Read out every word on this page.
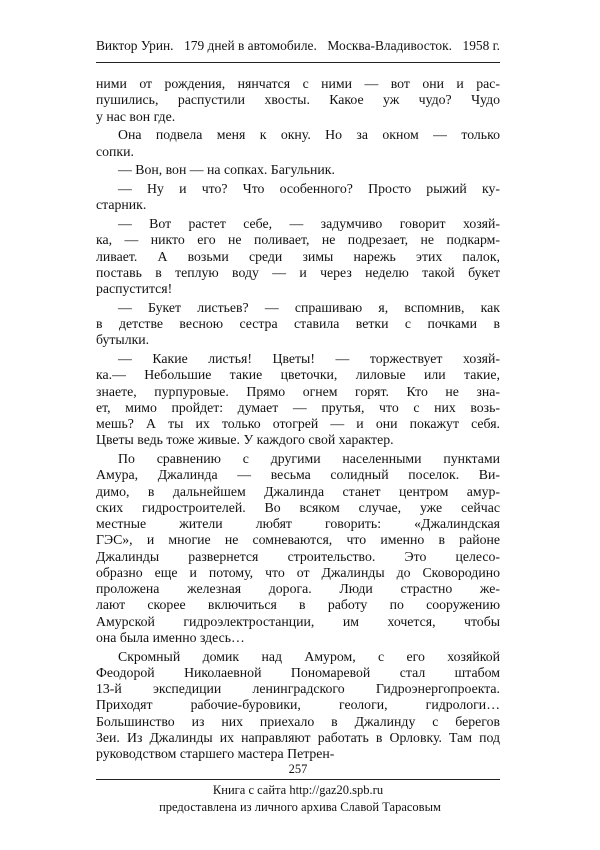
Виктор Урин. 179 дней в автомобиле. Москва-Владивосток. 1958 г.
ними от рождения, нянчатся с ними — вот они и рас-
пушились, распустили хвосты. Какое уж чудо? Чудо
у нас вон где.
Она подвела меня к окну. Но за окном — только
сопки.
— Вон, вон — на сопках. Багульник.
— Ну и что? Что особенного? Просто рыжий ку-
старник.
— Вот растет себе, — задумчиво говорит хозяй-
ка, — никто его не поливает, не подрезает, не подкарм-
ливает. А возьми среди зимы нарежь этих палок,
поставь в теплую воду — и через неделю такой букет
распустится!
— Букет листьев? — спрашиваю я, вспомнив, как
в детстве весною сестра ставила ветки с почками в
бутылки.
— Какие листья! Цветы! — торжествует хозяй-
ка.— Небольшие такие цветочки, лиловые или такие,
знаете, пурпуровые. Прямо огнем горят. Кто не зна-
ет, мимо пройдет: думает — прутья, что с них возь-
мешь? А ты их только отогрей — и они покажут себя.
Цветы ведь тоже живые. У каждого свой характер.
По сравнению с другими населенными пунктами
Амура, Джалинда — весьма солидный поселок. Ви-
димо, в дальнейшем Джалинда станет центром амур-
ских гидростроителей. Во всяком случае, уже сейчас
местные жители любят говорить: «Джалиндская
ГЭС», и многие не сомневаются, что именно в районе
Джалинды развернется строительство. Это целесо-
образно еще и потому, что от Джалинды до Сковородино
проложена железная дорога. Люди страстно же-
лают скорее включиться в работу по сооружению
Амурской гидроэлектростанции, им хочется, чтобы
она была именно здесь…
Скромный домик над Амуром, с его хозяйкой
Феодорой Николаевной Пономаревой стал штабом
13-й экспедиции ленинградского Гидроэнергопроекта.
Приходят рабочие-буровики, геологи, гидрологи…
Большинство из них приехало в Джалинду с берегов
Зеи. Из Джалинды их направляют работать в Орловку. Там под
руководством старшего мастера Петрен-
257
Книга с сайта http://gaz20.spb.ru
предоставлена из личного архива Славой Тарасовым
